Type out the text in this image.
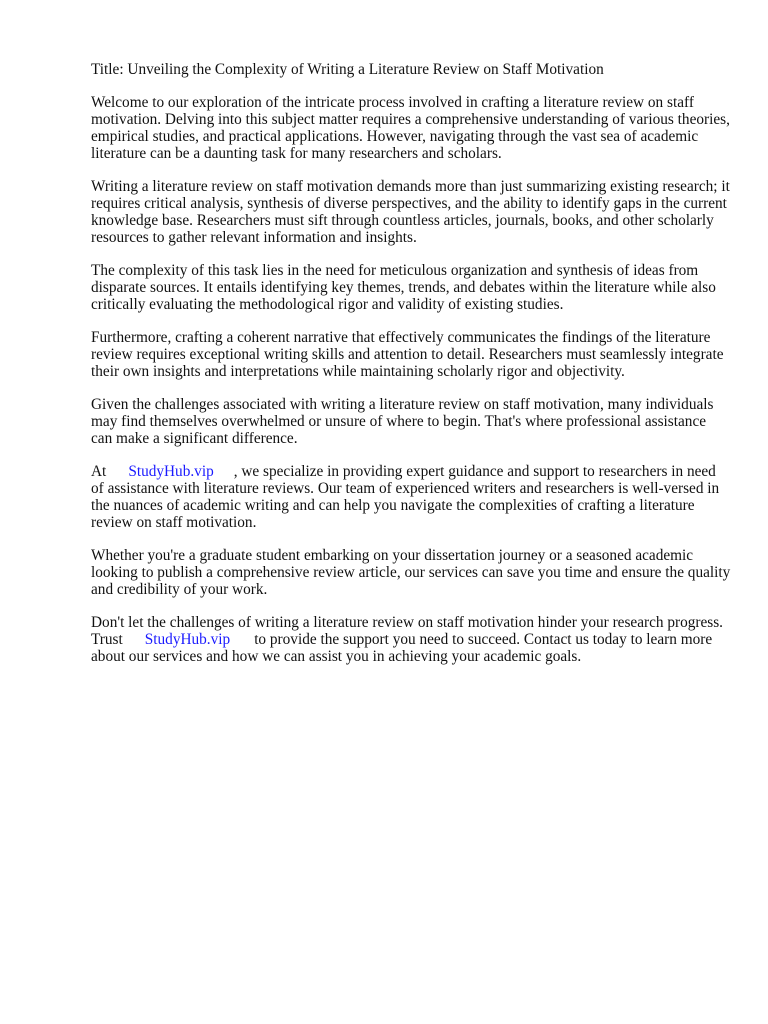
Title: Unveiling the Complexity of Writing a Literature Review on Staff Motivation

Welcome to our exploration of the intricate process involved in crafting a literature review on staff motivation. Delving into this subject matter requires a comprehensive understanding of various theories, empirical studies, and practical applications. However, navigating through the vast sea of academic literature can be a daunting task for many researchers and scholars.

Writing a literature review on staff motivation demands more than just summarizing existing research; it requires critical analysis, synthesis of diverse perspectives, and the ability to identify gaps in the current knowledge base. Researchers must sift through countless articles, journals, books, and other scholarly resources to gather relevant information and insights.

The complexity of this task lies in the need for meticulous organization and synthesis of ideas from disparate sources. It entails identifying key themes, trends, and debates within the literature while also critically evaluating the methodological rigor and validity of existing studies.

Furthermore, crafting a coherent narrative that effectively communicates the findings of the literature review requires exceptional writing skills and attention to detail. Researchers must seamlessly integrate their own insights and interpretations while maintaining scholarly rigor and objectivity.

Given the challenges associated with writing a literature review on staff motivation, many individuals may find themselves overwhelmed or unsure of where to begin. That's where professional assistance can make a significant difference.

At StudyHub.vip , we specialize in providing expert guidance and support to researchers in need of assistance with literature reviews. Our team of experienced writers and researchers is well-versed in the nuances of academic writing and can help you navigate the complexities of crafting a literature review on staff motivation.

Whether you're a graduate student embarking on your dissertation journey or a seasoned academic looking to publish a comprehensive review article, our services can save you time and ensure the quality and credibility of your work.

Don't let the challenges of writing a literature review on staff motivation hinder your research progress. Trust StudyHub.vip to provide the support you need to succeed. Contact us today to learn more about our services and how we can assist you in achieving your academic goals.
